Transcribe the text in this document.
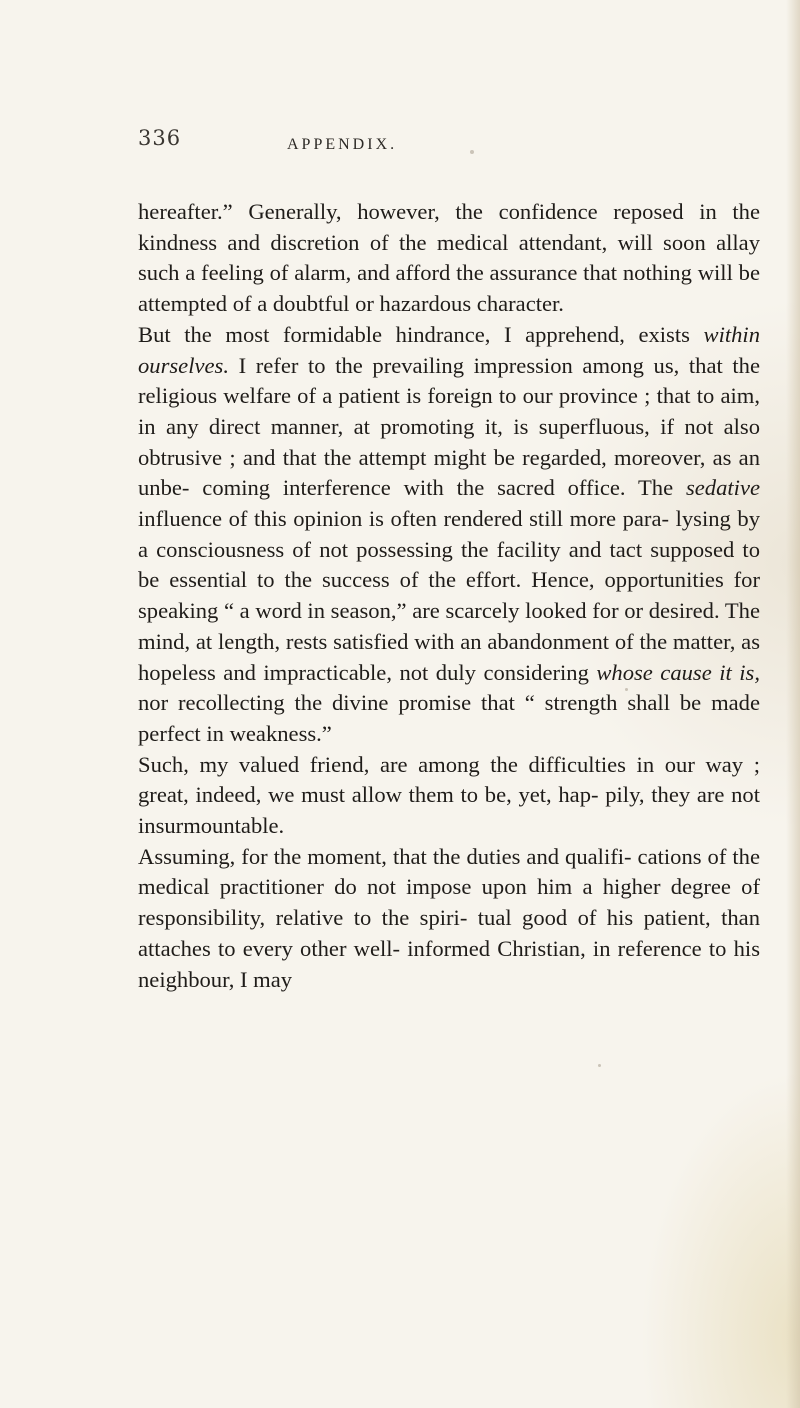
336	APPENDIX.

hereafter.” Generally, however, the confidence reposed in the kindness and discretion of the medical attendant, will soon allay such a feeling of alarm, and afford the assurance that nothing will be attempted of a doubtful or hazardous character.

But the most formidable hindrance, I apprehend, exists within ourselves. I refer to the prevailing impression among us, that the religious welfare of a patient is foreign to our province ; that to aim, in any direct manner, at promoting it, is superfluous, if not also obtrusive ; and that the attempt might be regarded, moreover, as an unbe- coming interference with the sacred office. The sedative influence of this opinion is often rendered still more para- lysing by a consciousness of not possessing the facility and tact supposed to be essential to the success of the effort. Hence, opportunities for speaking “ a word in season,” are scarcely looked for or desired. The mind, at length, rests satisfied with an abandonment of the matter, as hopeless and impracticable, not duly considering whose cause it is, nor recollecting the divine promise that “ strength shall be made perfect in weakness.”

Such, my valued friend, are among the difficulties in our way ; great, indeed, we must allow them to be, yet, hap- pily, they are not insurmountable.

Assuming, for the moment, that the duties and qualifi- cations of the medical practitioner do not impose upon him a higher degree of responsibility, relative to the spiri- tual good of his patient, than attaches to every other well- informed Christian, in reference to his neighbour, I may
